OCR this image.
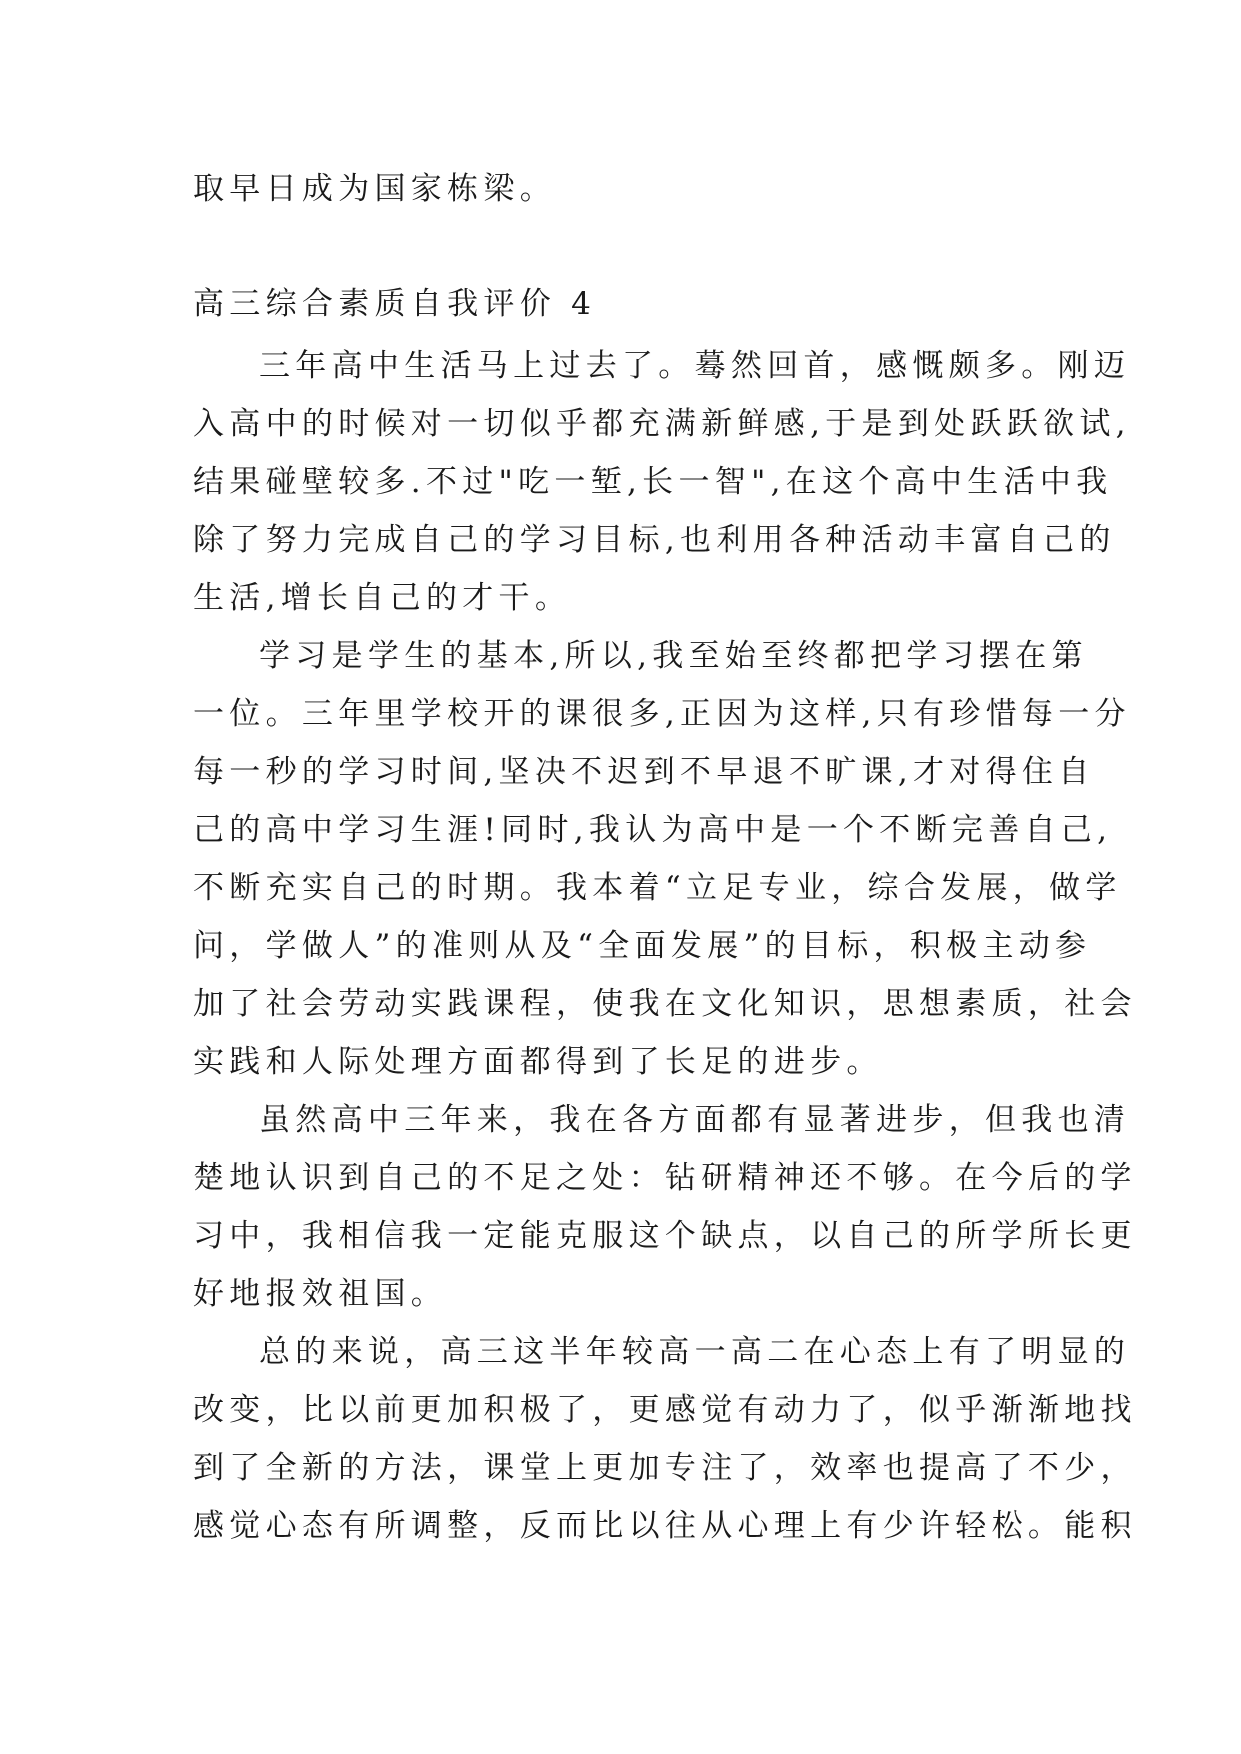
取早日成为国家栋梁。
高三综合素质自我评价 4
三年高中生活马上过去了。蓦然回首，感慨颇多。刚迈
入高中的时候对一切似乎都充满新鲜感,于是到处跃跃欲试,
结果碰壁较多.不过"吃一堑,长一智",在这个高中生活中我
除了努力完成自己的学习目标,也利用各种活动丰富自己的
生活,增长自己的才干。
学习是学生的基本,所以,我至始至终都把学习摆在第
一位。三年里学校开的课很多,正因为这样,只有珍惜每一分
每一秒的学习时间,坚决不迟到不早退不旷课,才对得住自
己的高中学习生涯!同时,我认为高中是一个不断完善自己,
不断充实自己的时期。我本着“立足专业，综合发展，做学
问，学做人”的准则从及“全面发展”的目标，积极主动参
加了社会劳动实践课程，使我在文化知识，思想素质，社会
实践和人际处理方面都得到了长足的进步。
虽然高中三年来，我在各方面都有显著进步，但我也清
楚地认识到自己的不足之处：钻研精神还不够。在今后的学
习中，我相信我一定能克服这个缺点，以自己的所学所长更
好地报效祖国。
总的来说，高三这半年较高一高二在心态上有了明显的
改变，比以前更加积极了，更感觉有动力了，似乎渐渐地找
到了全新的方法，课堂上更加专注了，效率也提高了不少，
感觉心态有所调整，反而比以往从心理上有少许轻松。能积
